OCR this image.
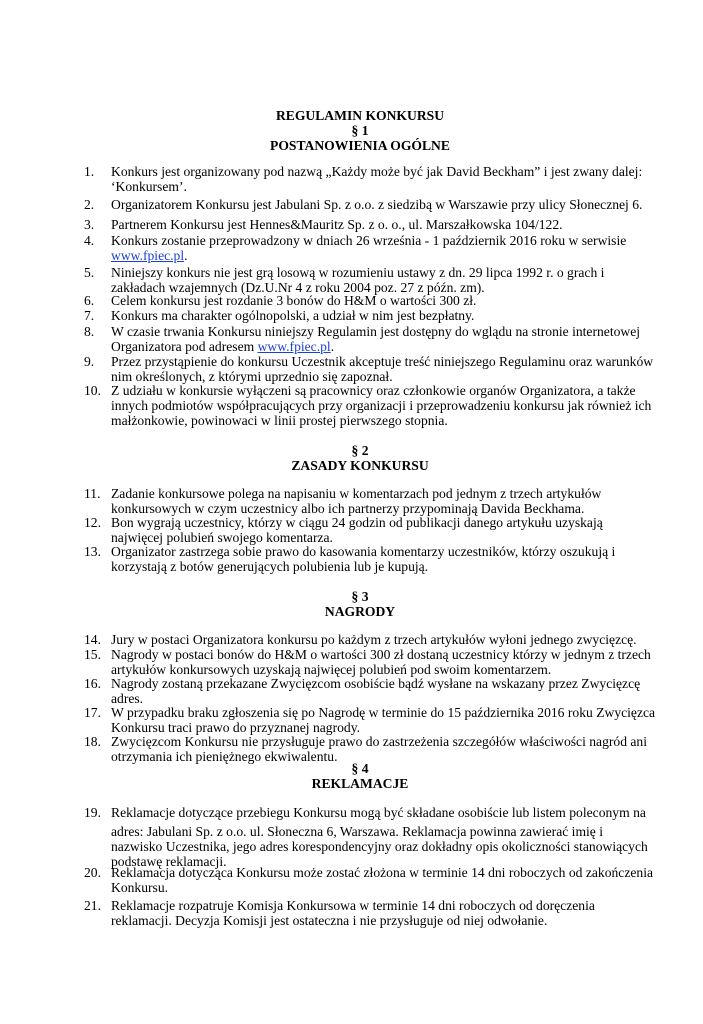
REGULAMIN KONKURSU
§ 1
POSTANOWIENIA OGÓLNE
1.	Konkurs jest organizowany pod nazwą „Każdy może być jak David Beckham” i jest zwany dalej:
‘Konkursem’.
2.	Organizatorem Konkursu jest Jabulani Sp. z o.o. z siedzibą w Warszawie przy ulicy Słonecznej 6.
3.	Partnerem Konkursu jest Hennes&Mauritz Sp. z o. o., ul. Marszałkowska 104/122.
4.	Konkurs zostanie przeprowadzony w dniach 26 września - 1 październik 2016 roku w serwisie
www.fpiec.pl.
5.	Niniejszy konkurs nie jest grą losową w rozumieniu ustawy z dn. 29 lipca 1992 r. o grach i
zakładach wzajemnych (Dz.U.Nr 4 z roku 2004 poz. 27 z późn. zm).
6.	Celem konkursu jest rozdanie 3 bonów do H&M o wartości 300 zł.
7.	Konkurs ma charakter ogólnopolski, a udział w nim jest bezpłatny.
8.	W czasie trwania Konkursu niniejszy Regulamin jest dostępny do wglądu na stronie internetowej
Organizatora pod adresem www.fpiec.pl.
9.	Przez przystąpienie do konkursu Uczestnik akceptuje treść niniejszego Regulaminu oraz warunków
nim określonych, z którymi uprzednio się zapoznał.
10. Z udziału w konkursie wyłączeni są pracownicy oraz członkowie organów Organizatora, a także
innych podmiotów współpracujących przy organizacji i przeprowadzeniu konkursu jak również ich
małżonkowie, powinowaci w linii prostej pierwszego stopnia.
§ 2
ZASADY KONKURSU
11. Zadanie konkursowe polega na napisaniu w komentarzach pod jednym z trzech artykułów
konkursowych w czym uczestnicy albo ich partnerzy przypominają Davida Beckhama.
12. Bon wygrają uczestnicy, którzy w ciągu 24 godzin od publikacji danego artykułu uzyskają
najwięcej polubień swojego komentarza.
13. Organizator zastrzega sobie prawo do kasowania komentarzy uczestników, którzy oszukują i
korzystają z botów generujących polubienia lub je kupują.
§ 3
NAGRODY
14. Jury w postaci Organizatora konkursu po każdym z trzech artykułów wyłoni jednego zwycięzcę.
15. Nagrody w postaci bonów do H&M o wartości 300 zł dostaną uczestnicy którzy w jednym z trzech
artykułów konkursowych uzyskają najwięcej polubień pod swoim komentarzem.
16. Nagrody zostaną przekazane Zwycięzcom osobiście bądź wysłane na wskazany przez Zwycięzcę
adres.
17. W przypadku braku zgłoszenia się po Nagrodę w terminie do 15 października 2016 roku Zwycięzca
Konkursu traci prawo do przyznanej nagrody.
18. Zwycięzcom Konkursu nie przysługuje prawo do zastrzeżenia szczegółów właściwości nagród ani
otrzymania ich pieniężnego ekwiwalentu.
§ 4
REKLAMACJE
19. Reklamacje dotyczące przebiegu Konkursu mogą być składane osobiście lub listem poleconym na
adres: Jabulani Sp. z o.o. ul. Słoneczna 6, Warszawa. Reklamacja powinna zawierać imię i
nazwisko Uczestnika, jego adres korespondencyjny oraz dokładny opis okoliczności stanowiących
podstawę reklamacji.
20. Reklamacja dotycząca Konkursu może zostać złożona w terminie 14 dni roboczych od zakończenia
Konkursu.
21. Reklamacje rozpatruje Komisja Konkursowa w terminie 14 dni roboczych od doręczenia
reklamacji. Decyzja Komisji jest ostateczna i nie przysługuje od niej odwołanie.
